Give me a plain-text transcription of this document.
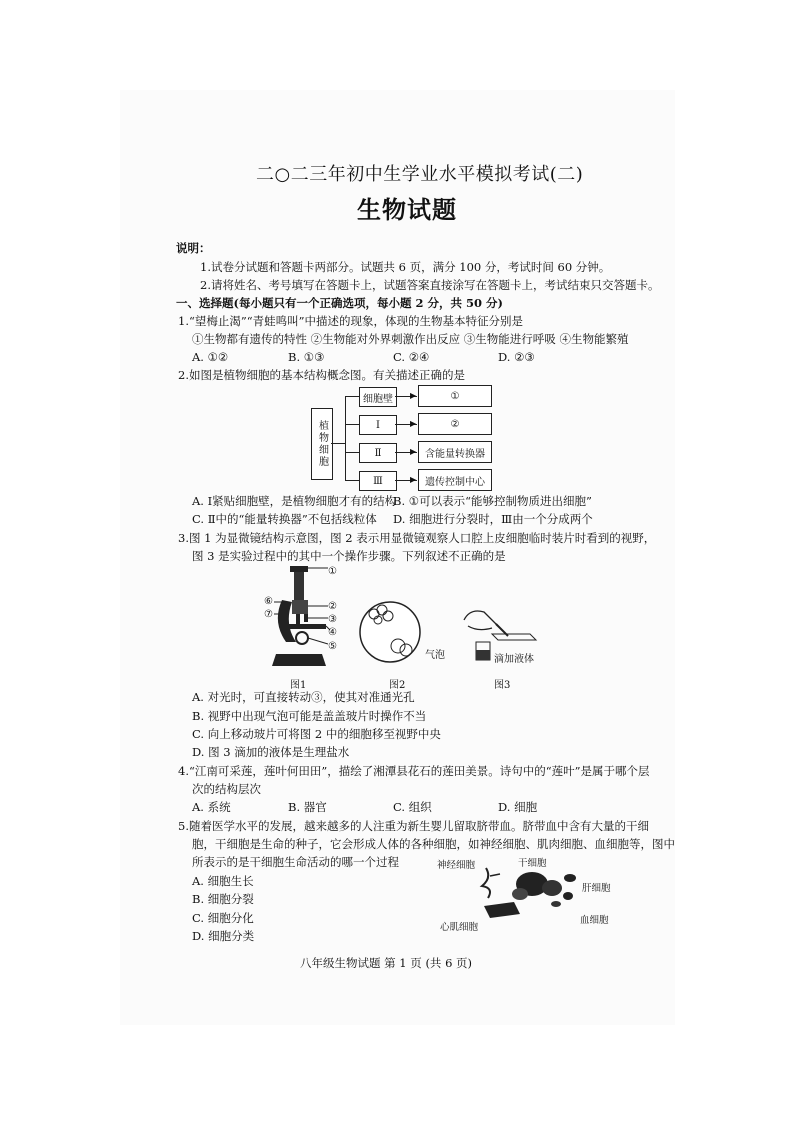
二○二三年初中生学业水平模拟考试(二)
生物试题
说明：
1.试卷分试题和答题卡两部分。试题共 6 页，满分 100 分，考试时间 60 分钟。
2.请将姓名、考号填写在答题卡上，试题答案直接涂写在答题卡上，考试结束只交答题卡。
一、选择题(每小题只有一个正确选项，每小题 2 分，共 50 分)
1.“望梅止渴”“青蛙鸣叫”中描述的现象，体现的生物基本特征分别是
①生物都有遗传的特性 ②生物能对外界刺激作出反应 ③生物能进行呼吸 ④生物能繁殖
A. ①②	B. ①③	C. ②④	D. ②③
2.如图是植物细胞的基本结构概念图。有关描述正确的是
植物细胞
细胞壁
Ⅰ
Ⅱ
Ⅲ
▶
▶
▶
▶
①
②
含能量转换器
遗传控制中心
A. Ⅰ紧贴细胞壁，是植物细胞才有的结构
B. ①可以表示“能够控制物质进出细胞”
C. Ⅱ中的“能量转换器”不包括线粒体 D. 细胞进行分裂时，Ⅲ由一个分成两个
3.图 1 为显微镜结构示意图，图 2 表示用显微镜观察人口腔上皮细胞临时装片时看到的视野，
图 3 是实验过程中的其中一个操作步骤。下列叙述不正确的是
①
②
③
④
⑤
⑥
⑦
气泡	滴加液体
图1	图2	图3
A. 对光时，可直接转动③，使其对准通光孔
B. 视野中出现气泡可能是盖盖玻片时操作不当
C. 向上移动玻片可将图 2 中的细胞移至视野中央
D. 图 3 滴加的液体是生理盐水
4.“江南可采莲，莲叶何田田”，描绘了湘潭县花石的莲田美景。诗句中的“莲叶”是属于哪个层
次的结构层次
A. 系统	B. 器官	C. 组织	D. 细胞
5.随着医学水平的发展，越来越多的人注重为新生婴儿留取脐带血。脐带血中含有大量的干细
胞，干细胞是生命的种子，它会形成人体的各种细胞，如神经细胞、肌肉细胞、血细胞等，图中
所表示的是干细胞生命活动的哪一个过程
A. 细胞生长
B. 细胞分裂
C. 细胞分化
D. 细胞分类
神经细胞	干细胞
肝细胞
心肌细胞
血细胞
八年级生物试题 第 1 页 (共 6 页)
